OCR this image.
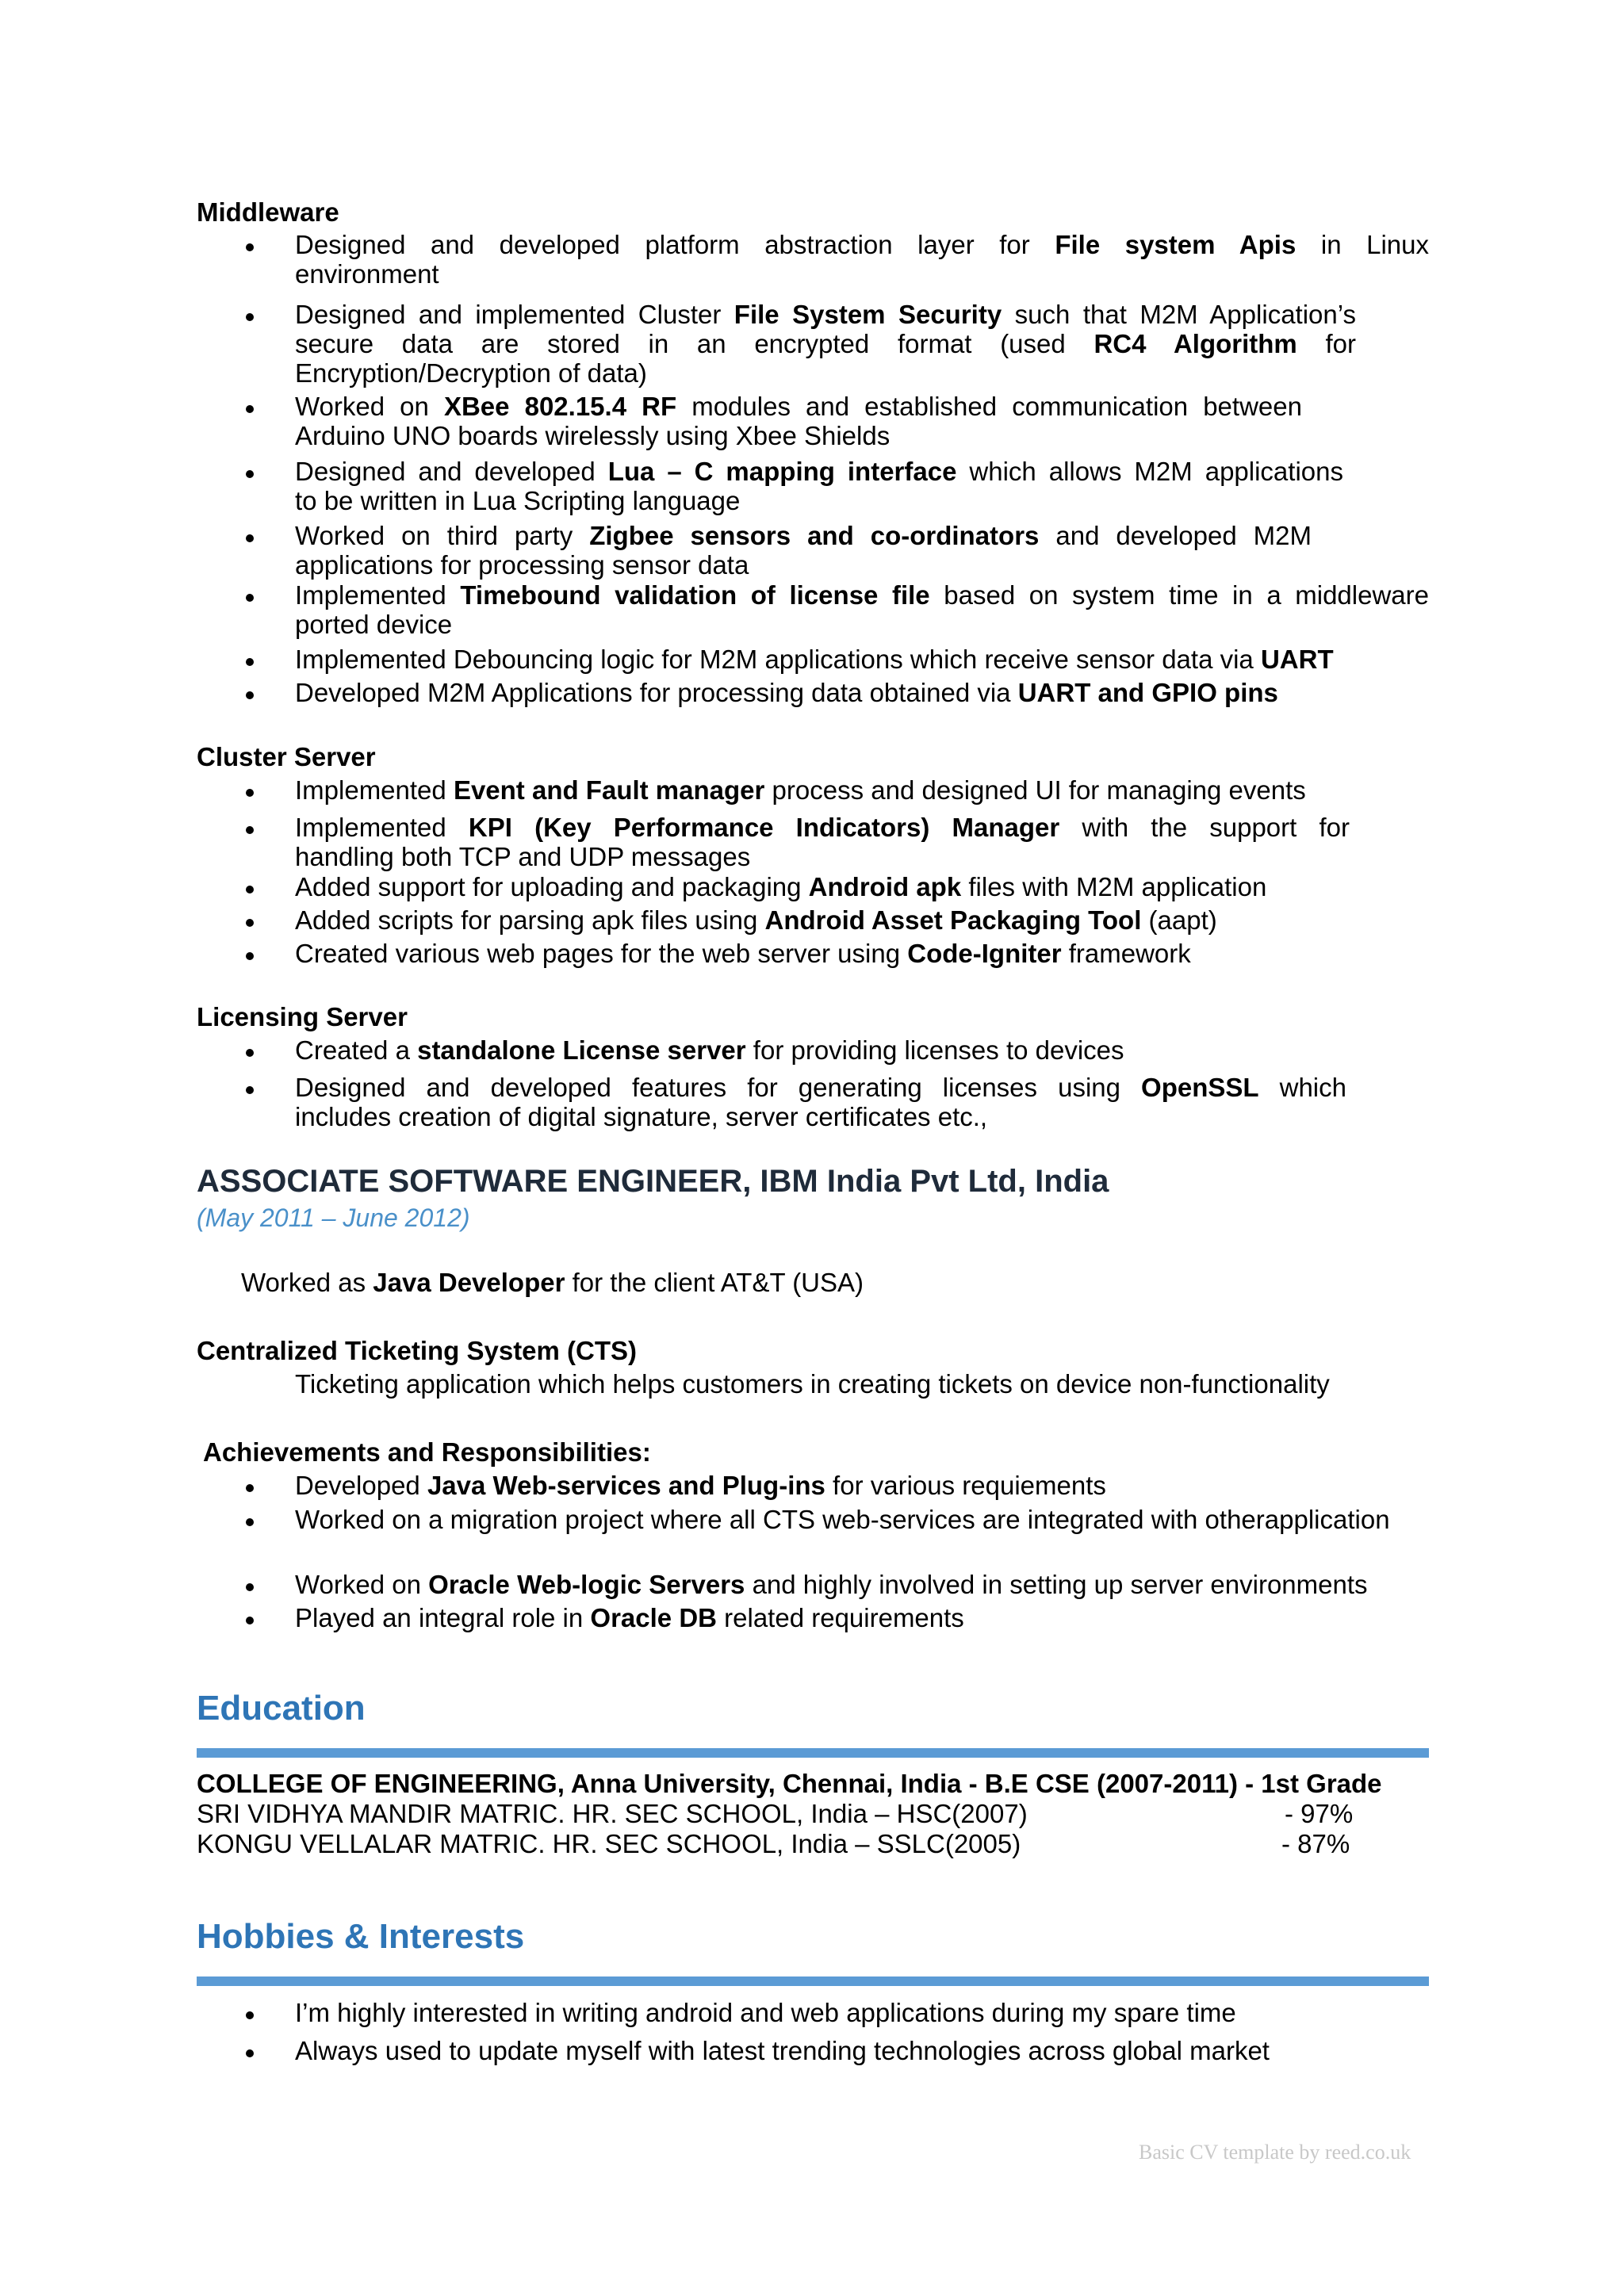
Middleware
Designed and developed platform abstraction layer for File system Apis in Linux
environment
Designed and implemented Cluster File System Security such that M2M Application’s secure data are stored in an encrypted format (used RC4 Algorithm for
Encryption/Decryption of data)
Worked on XBee 802.15.4 RF modules and established communication between
Arduino UNO boards wirelessly using Xbee Shields
Designed and developed Lua – C mapping interface which allows M2M applications
to be written in Lua Scripting language
Worked on third party Zigbee sensors and co-ordinators and developed M2M
applications for processing sensor data
Implemented Timebound validation of license file based on system time in a middleware
ported device
Implemented Debouncing logic for M2M applications which receive sensor data via UART
Developed M2M Applications for processing data obtained via UART and GPIO pins
Cluster Server
Implemented Event and Fault manager process and designed UI for managing events
Implemented KPI (Key Performance Indicators) Manager with the support for
handling both TCP and UDP messages
Added support for uploading and packaging Android apk files with M2M application
Added scripts for parsing apk files using Android Asset Packaging Tool (aapt)
Created various web pages for the web server using Code-Igniter framework
Licensing Server
Created a standalone License server for providing licenses to devices
Designed and developed features for generating licenses using OpenSSL which
includes creation of digital signature, server certificates etc.,
ASSOCIATE SOFTWARE ENGINEER, IBM India Pvt Ltd, India
(May 2011 – June 2012)
Worked as Java Developer for the client AT&T (USA)
Centralized Ticketing System (CTS)
Ticketing application which helps customers in creating tickets on device non-functionality
Achievements and Responsibilities:
Developed Java Web-services and Plug-ins for various requiements
Worked on a migration project where all CTS web-services are integrated with otherapplication
Worked on Oracle Web-logic Servers and highly involved in setting up server environments
Played an integral role in Oracle DB related requirements
Education
COLLEGE OF ENGINEERING, Anna University, Chennai, India - B.E CSE (2007-2011) - 1st Grade
SRI VIDHYA MANDIR MATRIC. HR. SEC SCHOOL, India – HSC(2007)	- 97%
KONGU VELLALAR MATRIC. HR. SEC SCHOOL, India – SSLC(2005)	- 87%
Hobbies & Interests
I’m highly interested in writing android and web applications during my spare time
Always used to update myself with latest trending technologies across global market
Basic CV template by reed.co.uk
